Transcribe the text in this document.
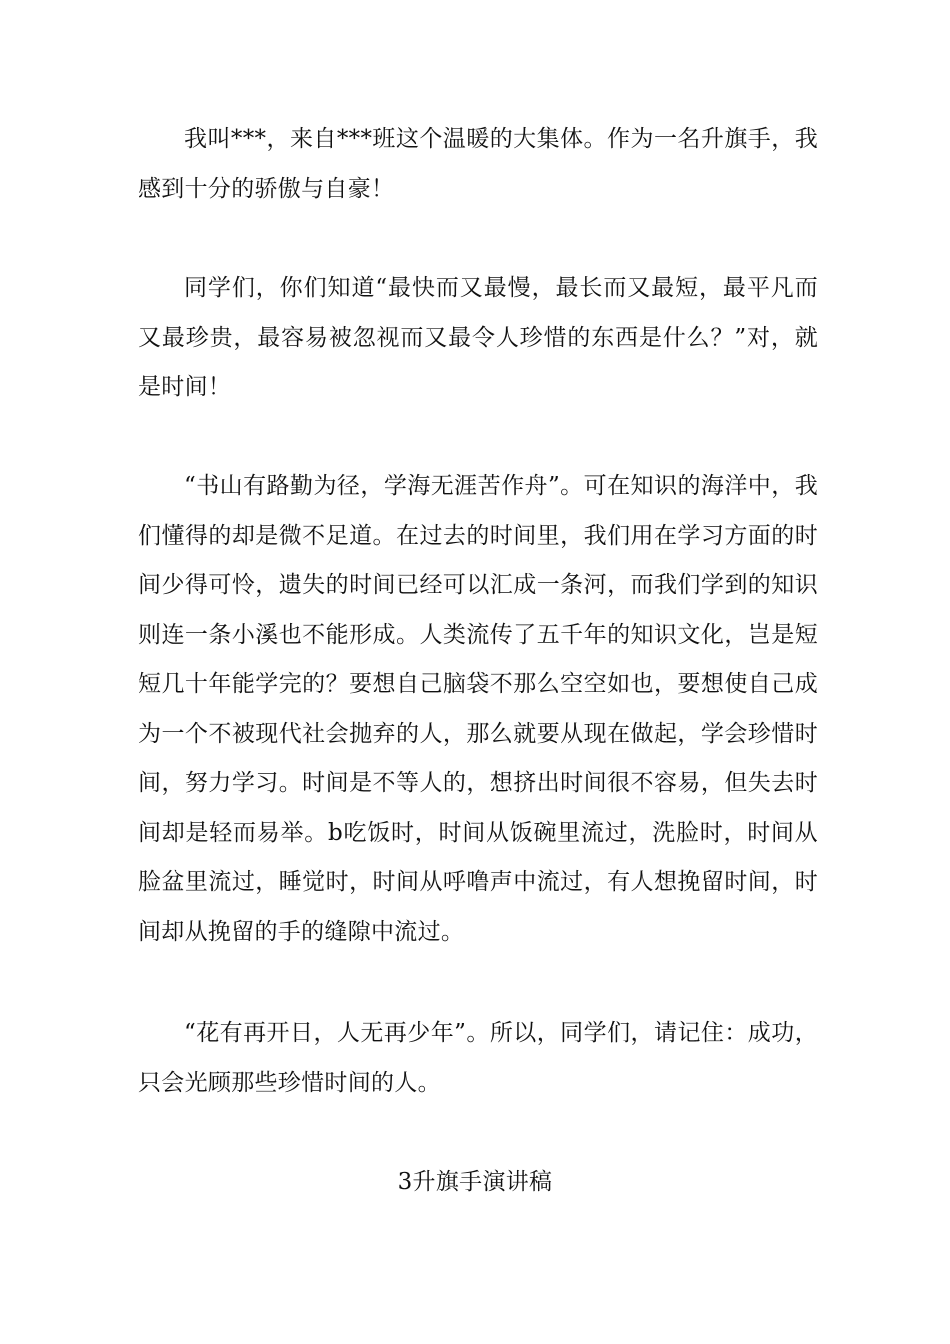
我叫***，来自***班这个温暖的大集体。作为一名升旗手，我感到十分的骄傲与自豪！

同学们，你们知道“最快而又最慢，最长而又最短，最平凡而又最珍贵，最容易被忽视而又最令人珍惜的东西是什么？”对，就是时间！

“书山有路勤为径，学海无涯苦作舟”。可在知识的海洋中，我们懂得的却是微不足道。在过去的时间里，我们用在学习方面的时间少得可怜，遗失的时间已经可以汇成一条河，而我们学到的知识则连一条小溪也不能形成。人类流传了五千年的知识文化，岂是短短几十年能学完的？要想自己脑袋不那么空空如也，要想使自己成为一个不被现代社会抛弃的人，那么就要从现在做起，学会珍惜时间，努力学习。时间是不等人的，想挤出时间很不容易，但失去时间却是轻而易举。b吃饭时，时间从饭碗里流过，洗脸时，时间从脸盆里流过，睡觉时，时间从呼噜声中流过，有人想挽留时间，时间却从挽留的手的缝隙中流过。

“花有再开日，人无再少年”。所以，同学们，请记住：成功，只会光顾那些珍惜时间的人。

3升旗手演讲稿
